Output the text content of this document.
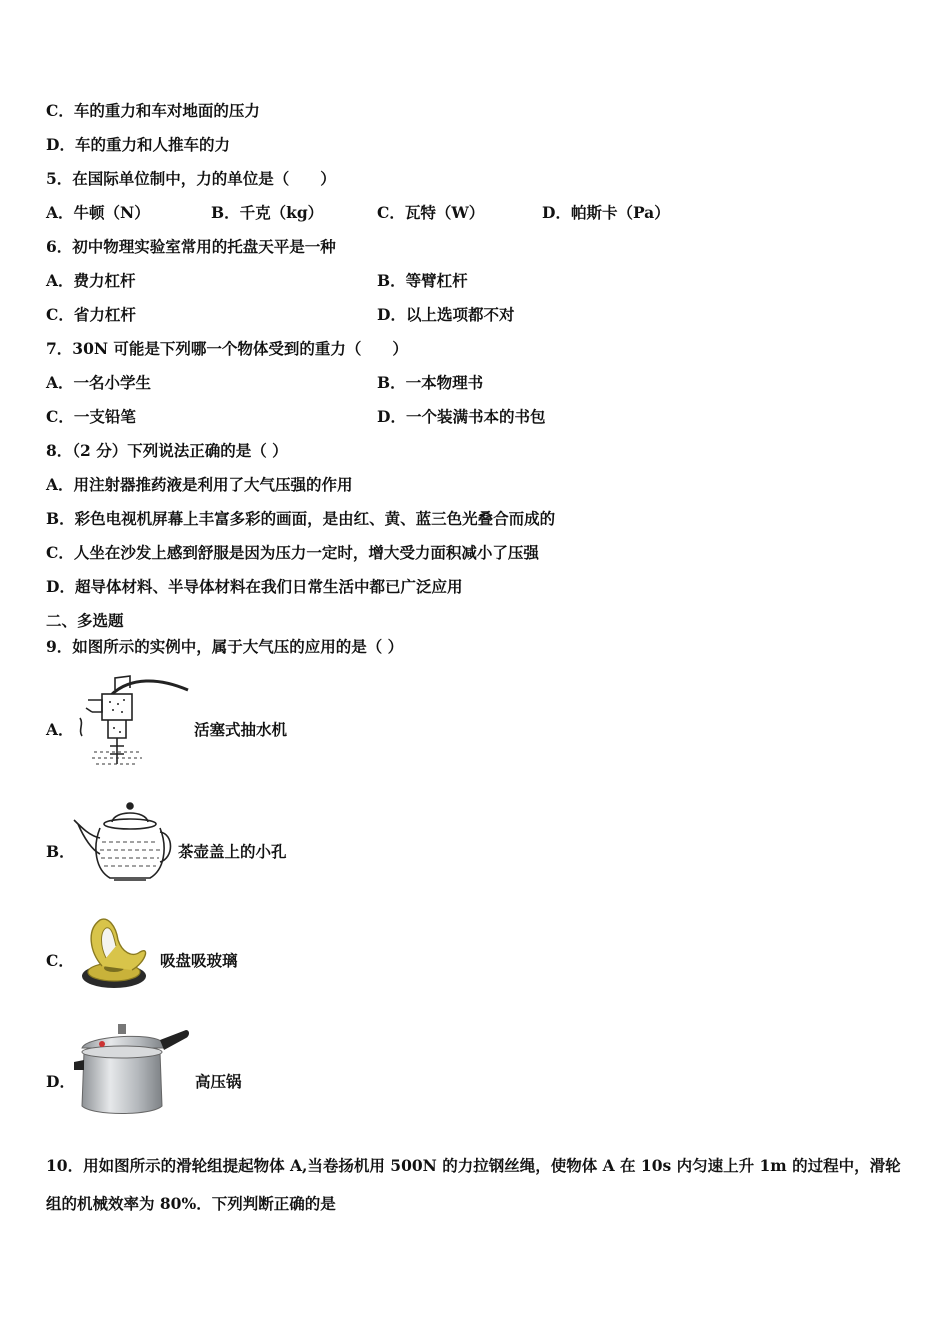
C．车的重力和车对地面的压力
D．车的重力和人推车的力
5．在国际单位制中，力的单位是（　　）
A．牛顿（N）	B．千克（kg）	C．瓦特（W）	D．帕斯卡（Pa）
6．初中物理实验室常用的托盘天平是一种
A．费力杠杆	B．等臂杠杆
C．省力杠杆	D．以上选项都不对
7．30N 可能是下列哪一个物体受到的重力（　　）
A．一名小学生	B．一本物理书
C．一支铅笔	D．一个装满书本的书包
8．（2 分）下列说法正确的是（ ）
A．用注射器推药液是利用了大气压强的作用
B．彩色电视机屏幕上丰富多彩的画面，是由红、黄、蓝三色光叠合而成的
C．人坐在沙发上感到舒服是因为压力一定时，增大受力面积减小了压强
D．超导体材料、半导体材料在我们日常生活中都已广泛应用
二、多选题
9．如图所示的实例中，属于大气压的应用的是（ ）
A．	活塞式抽水机
B．	茶壶盖上的小孔
C．	吸盘吸玻璃
D．	高压锅
10．用如图所示的滑轮组提起物体 A,当卷扬机用 500N 的力拉钢丝绳，使物体 A 在 10s 内匀速上升 1m 的过程中，滑轮组的机械效率为 80%．下列判断正确的是
